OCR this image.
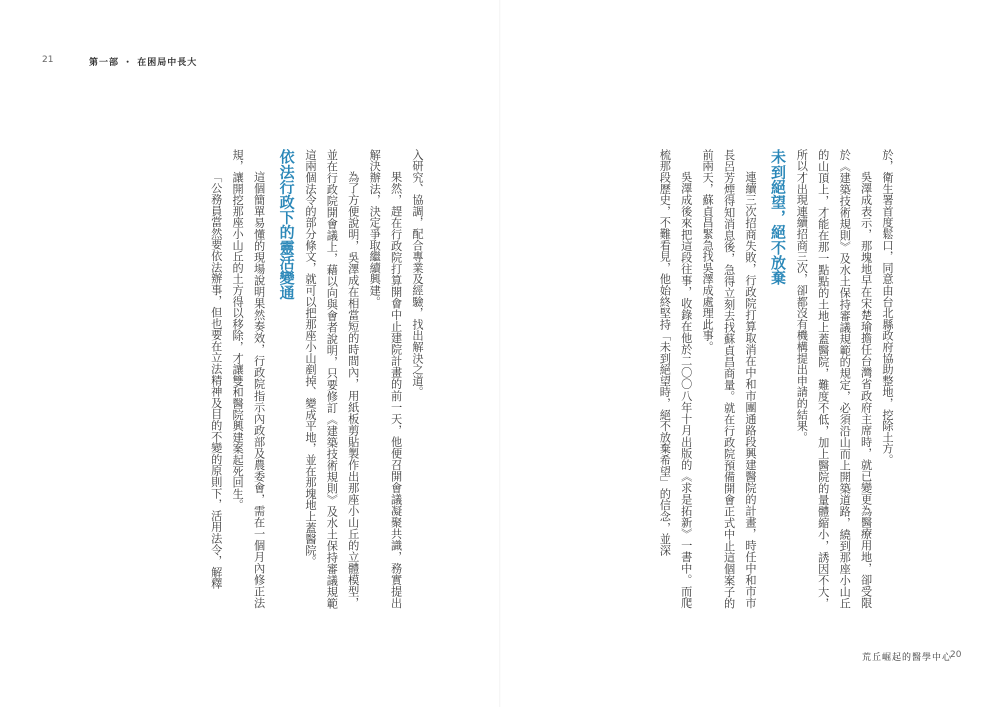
21	第一部 ・ 在困局中長大

於，衛生署首度鬆口，同意由台北縣政府協助整地，挖除土方。

吳澤成表示，那塊地早在宋楚瑜擔任台灣省政府主席時，就已變更為醫療用地，卻受限於《建築技術規則》及水土保持審議規範的規定，必須沿山而上開築道路，繞到那座小山丘的山頂上，才能在那一點點的土地上蓋醫院，難度不低，加上醫院的量體縮小，誘因不大，所以才出現連續招商三次，卻都沒有機構提出申請的結果。

未到絕望，絕不放棄

連續三次招商失敗，行政院打算取消在中和市團通路段興建醫院的計畫，時任中和市市長呂芳煙得知消息後，急得立刻去找蘇貞昌商量。就在行政院預備開會正式中止這個案子的前兩天，蘇貞昌緊急找吳澤成處理此事。

吳澤成後來把這段往事，收錄在他於二〇〇八年十月出版的《求是拓新》一書中。而爬梳那段歷史，不難看見，他始終堅持「未到絕望時，絕不放棄希望」的信念，並深

入研究、協調，配合專業及經驗，找出解決之道。

果然，趕在行政院打算開會中止建院計畫的前一天，他便召開會議凝聚共識，務實提出解決辦法，決定爭取繼續興建。

為了方便說明，吳澤成在相當短的時間內，用紙板剪貼製作出那座小山丘的立體模型，並在行政院開會議上，藉以向與會者說明，只要修訂《建築技術規則》及水土保持審議規範這兩個法令的部分條文，就可以把那座小山剷掉、變成平地，並在那塊地上蓋醫院。

依法行政下的靈活變通

這個簡單易懂的現場說明果然奏效，行政院指示內政部及農委會，需在一個月內修正法規，讓開挖那座小山丘的土方得以移除，才讓雙和醫院興建案起死回生。

「公務員當然要依法辦事，但也要在立法精神及目的不變的原則下，活用法令，解釋

荒丘崛起的醫學中心
20
